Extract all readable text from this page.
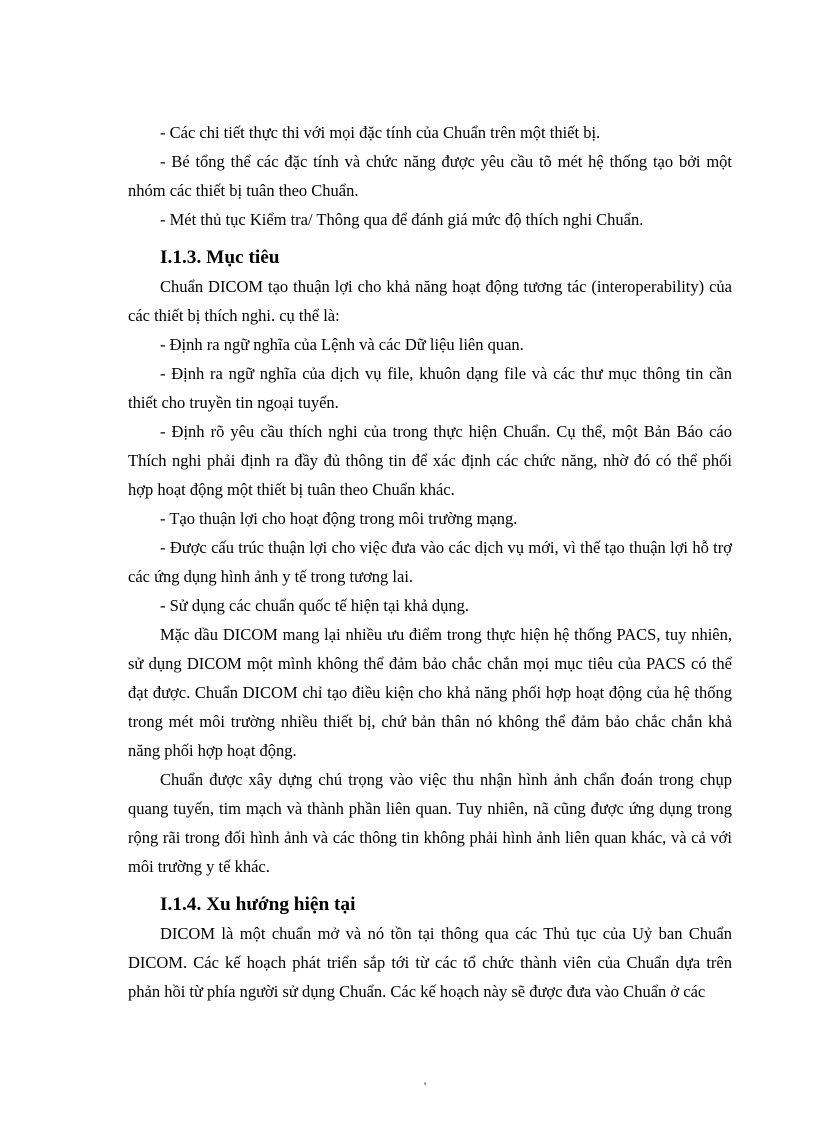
- Các chi tiết thực thi với mọi đặc tính của Chuẩn trên một thiết bị.

- Bé tổng thể các đặc tính và chức năng được yêu cầu tõ mét hệ thống tạo bởi một nhóm các thiết bị tuân theo Chuẩn.

- Mét thủ tục Kiểm tra/ Thông qua để đánh giá mức độ thích nghi Chuẩn.

I.1.3. Mục tiêu

Chuẩn DICOM tạo thuận lợi cho khả năng hoạt động tương tác (interoperability) của các thiết bị thích nghi. cụ thể là:

- Định ra ngữ nghĩa của Lệnh và các Dữ liệu liên quan.

- Định ra ngữ nghĩa của dịch vụ file, khuôn dạng file và các thư mục thông tin cần thiết cho truyền tin ngoại tuyến.

- Định rõ yêu cầu thích nghi của trong thực hiện Chuẩn. Cụ thể, một Bản Báo cáo Thích nghi phải định ra đầy đủ thông tin để xác định các chức năng, nhờ đó có thể phối hợp hoạt động một thiết bị tuân theo Chuẩn khác.

- Tạo thuận lợi cho hoạt động trong môi trường mạng.

- Được cấu trúc thuận lợi cho việc đưa vào các dịch vụ mới, vì thế tạo thuận lợi hỗ trợ các ứng dụng hình ảnh y tế trong tương lai.

- Sử dụng các chuẩn quốc tế hiện tại khả dụng.

Mặc dầu DICOM mang lại nhiều ưu điểm trong thực hiện hệ thống PACS, tuy nhiên, sử dụng DICOM một mình không thể đảm bảo chắc chắn mọi mục tiêu của PACS có thể đạt được. Chuẩn DICOM chỉ tạo điều kiện cho khả năng phối hợp hoạt động của hệ thống trong mét môi trường nhiều thiết bị, chứ bản thân nó không thể đảm bảo chắc chắn khả năng phối hợp hoạt động.

Chuẩn được xây dựng chú trọng vào việc thu nhận hình ảnh chẩn đoán trong chụp quang tuyến, tim mạch và thành phần liên quan. Tuy nhiên, nã cũng được ứng dụng trong rộng rãi trong đối hình ảnh và các thông tin không phải hình ảnh liên quan khác, và cả với môi trường y tế khác.

I.1.4. Xu hướng hiện tại

DICOM là một chuẩn mở và nó tồn tại thông qua các Thủ tục của Uỷ ban Chuẩn DICOM. Các kế hoạch phát triển sắp tới từ các tổ chức thành viên của Chuẩn dựa trên phản hồi từ phía người sử dụng Chuẩn. Các kế hoạch này sẽ được đưa vào Chuẩn ở các

'
